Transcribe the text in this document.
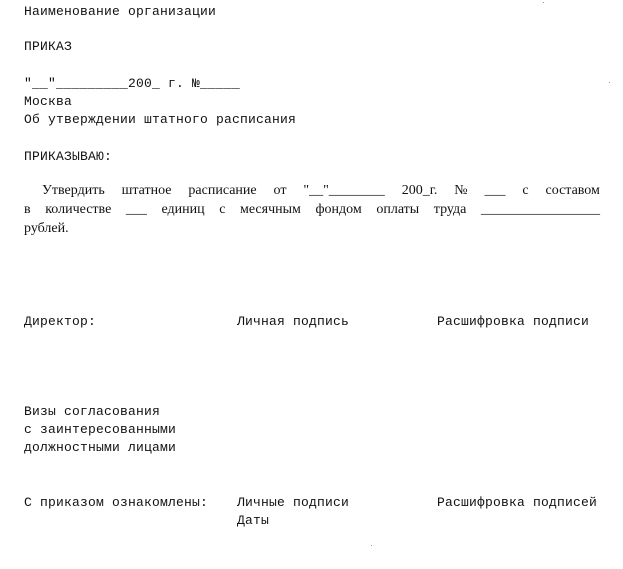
Наименование организации
ПРИКАЗ
"__"_________200_ г. №_____
Москва
Об утверждении штатного расписания
ПРИКАЗЫВАЮ:
Утвердить штатное расписание от "__"________ 200_г. № ___ с составом
в количестве ___ единиц с месячным фондом оплаты труда _________________
рублей.
Директор:	Личная подпись	Расшифровка подписи
Визы согласования
с заинтересованными
должностными лицами
С приказом ознакомлены: Личные подписи	Расшифровка подписей
Даты
